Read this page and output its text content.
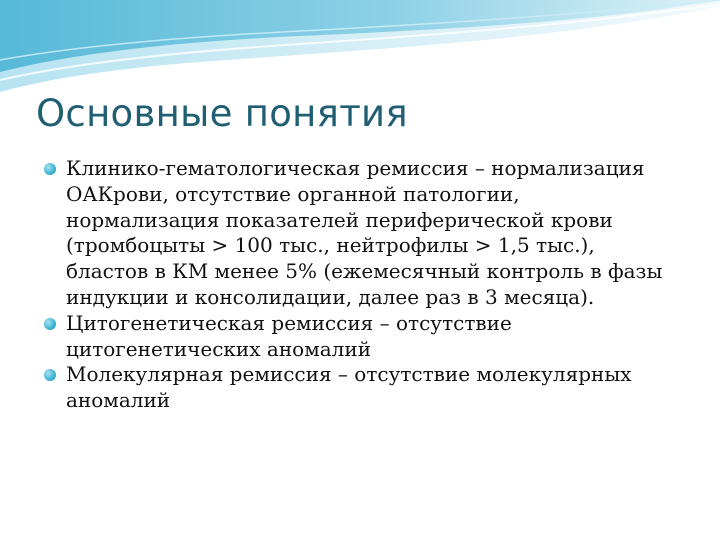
Основные понятия
Клинико-гематологическая ремиссия – нормализация ОАКрови, отсутствие органной патологии, нормализация показателей периферической крови (тромбоцыты > 100 тыс., нейтрофилы > 1,5 тыс.), бластов в КМ менее 5% (ежемесячный контроль в фазы индукции и консолидации, далее раз в 3 месяца).
Цитогенетическая ремиссия – отсутствие цитогенетических аномалий
Молекулярная ремиссия – отсутствие молекулярных аномалий
